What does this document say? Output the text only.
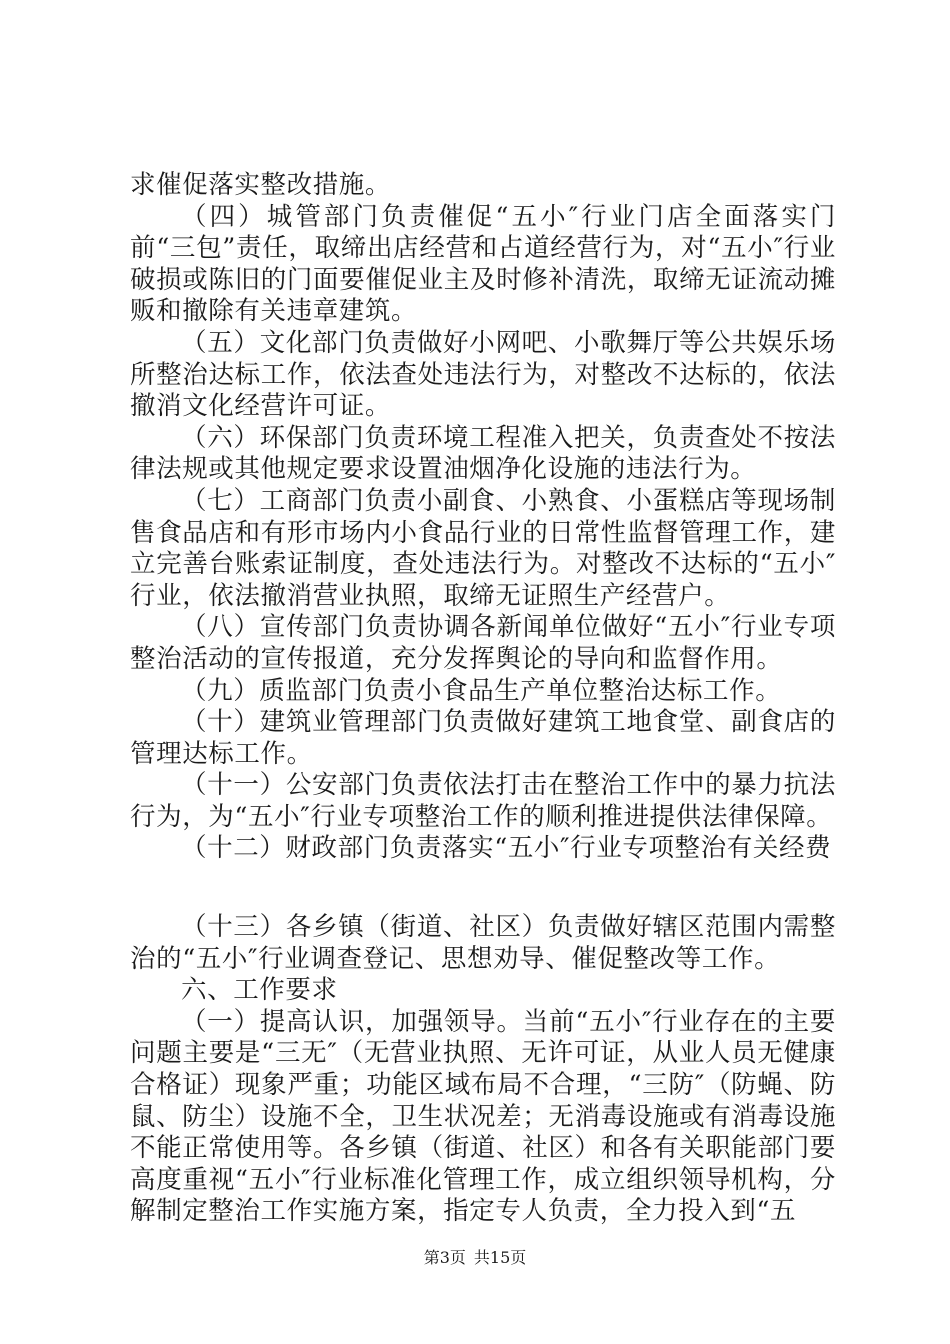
求催促落实整改措施。

（四）城管部门负责催促“五小″行业门店全面落实门前“三包”责任，取缔出店经营和占道经营行为，对“五小″行业破损或陈旧的门面要催促业主及时修补清洗，取缔无证流动摊贩和撤除有关违章建筑。

（五）文化部门负责做好小网吧、小歌舞厅等公共娱乐场所整治达标工作，依法查处违法行为，对整改不达标的，依法撤消文化经营许可证。

（六）环保部门负责环境工程准入把关，负责查处不按法律法规或其他规定要求设置油烟净化设施的违法行为。

（七）工商部门负责小副食、小熟食、小蛋糕店等现场制售食品店和有形市场内小食品行业的日常性监督管理工作，建立完善台账索证制度，查处违法行为。对整改不达标的“五小″行业，依法撤消营业执照，取缔无证照生产经营户。

（八）宣传部门负责协调各新闻单位做好“五小″行业专项整治活动的宣传报道，充分发挥舆论的导向和监督作用。

（九）质监部门负责小食品生产单位整治达标工作。

（十）建筑业管理部门负责做好建筑工地食堂、副食店的管理达标工作。

（十一）公安部门负责依法打击在整治工作中的暴力抗法行为，为“五小″行业专项整治工作的顺利推进提供法律保障。

（十二）财政部门负责落实“五小″行业专项整治有关经费

（十三）各乡镇（街道、社区）负责做好辖区范围内需整治的“五小″行业调查登记、思想劝导、催促整改等工作。

六、工作要求

（一）提高认识，加强领导。当前“五小″行业存在的主要问题主要是“三无″（无营业执照、无许可证，从业人员无健康合格证）现象严重；功能区域布局不合理，“三防″（防蝇、防鼠、防尘）设施不全，卫生状况差；无消毒设施或有消毒设施不能正常使用等。各乡镇（街道、社区）和各有关职能部门要高度重视“五小″行业标准化管理工作，成立组织领导机构，分解制定整治工作实施方案，指定专人负责，全力投入到“五

第3页 共15页
